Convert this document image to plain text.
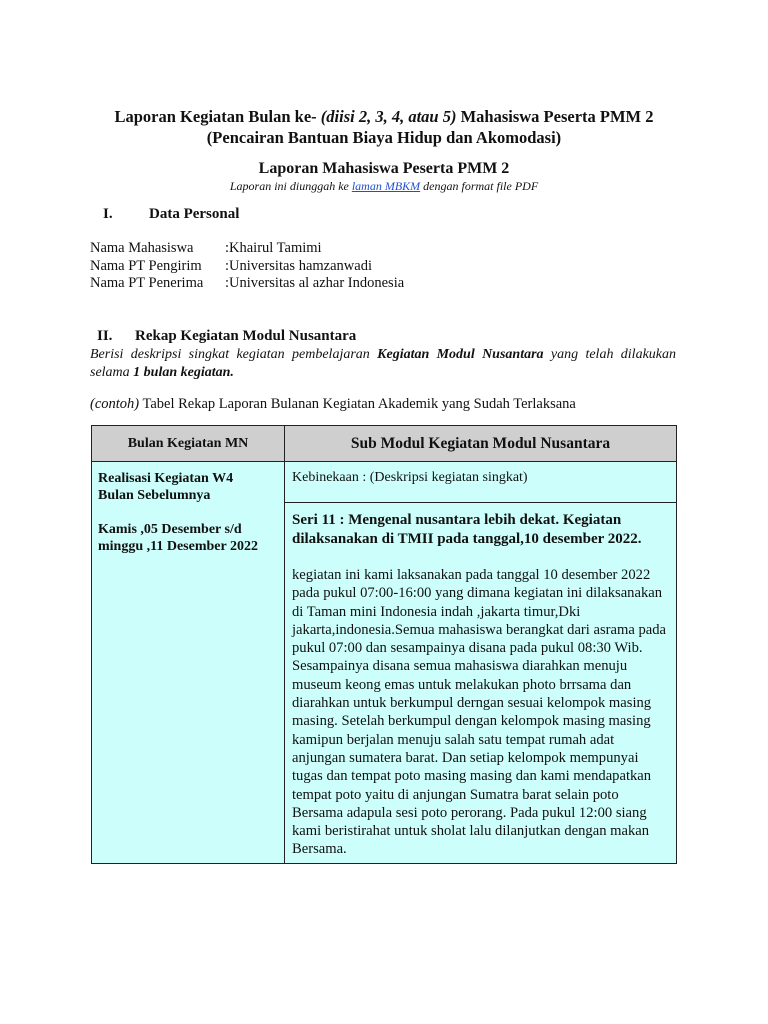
Laporan Kegiatan Bulan ke- (diisi 2, 3, 4, atau 5) Mahasiswa Peserta PMM 2
(Pencairan Bantuan Biaya Hidup dan Akomodasi)
Laporan Mahasiswa Peserta PMM 2
Laporan ini diunggah ke laman MBKM dengan format file PDF
I. Data Personal
Nama Mahasiswa	:Khairul Tamimi
Nama PT Pengirim	:Universitas hamzanwadi
Nama PT Penerima	:Universitas al azhar Indonesia
II. Rekap Kegiatan Modul Nusantara
Berisi deskripsi singkat kegiatan pembelajaran Kegiatan Modul Nusantara yang telah dilakukan selama 1 bulan kegiatan.
(contoh) Tabel Rekap Laporan Bulanan Kegiatan Akademik yang Sudah Terlaksana
Bulan Kegiatan MN	Sub Modul Kegiatan Modul Nusantara

Realisasi Kegiatan W4
Bulan Sebelumnya
Kamis ,05 Desember s/d
minggu ,11 Desember 2022	Kebinekaan : (Deskripsi kegiatan singkat)

	Seri 11 : Mengenal nusantara lebih dekat. Kegiatan dilaksanakan di TMII pada tanggal,10 desember 2022.
kegiatan ini kami laksanakan pada tanggal 10 desember 2022 pada pukul 07:00-16:00 yang dimana kegiatan ini dilaksanakan di Taman mini Indonesia indah ,jakarta timur,Dki jakarta,indonesia.Semua mahasiswa berangkat dari asrama pada pukul 07:00 dan sesampainya disana pada pukul 08:30 Wib. Sesampainya disana semua mahasiswa diarahkan menuju museum keong emas untuk melakukan photo brrsama dan diarahkan untuk berkumpul derngan sesuai kelompok masing masing. Setelah berkumpul dengan kelompok masing masing kamipun berjalan menuju salah satu tempat rumah adat anjungan sumatera barat. Dan setiap kelompok mempunyai tugas dan tempat poto masing masing dan kami mendapatkan tempat poto yaitu di anjungan Sumatra barat selain poto Bersama adapula sesi poto perorang. Pada pukul 12:00 siang kami beristirahat untuk sholat lalu dilanjutkan dengan makan Bersama.
